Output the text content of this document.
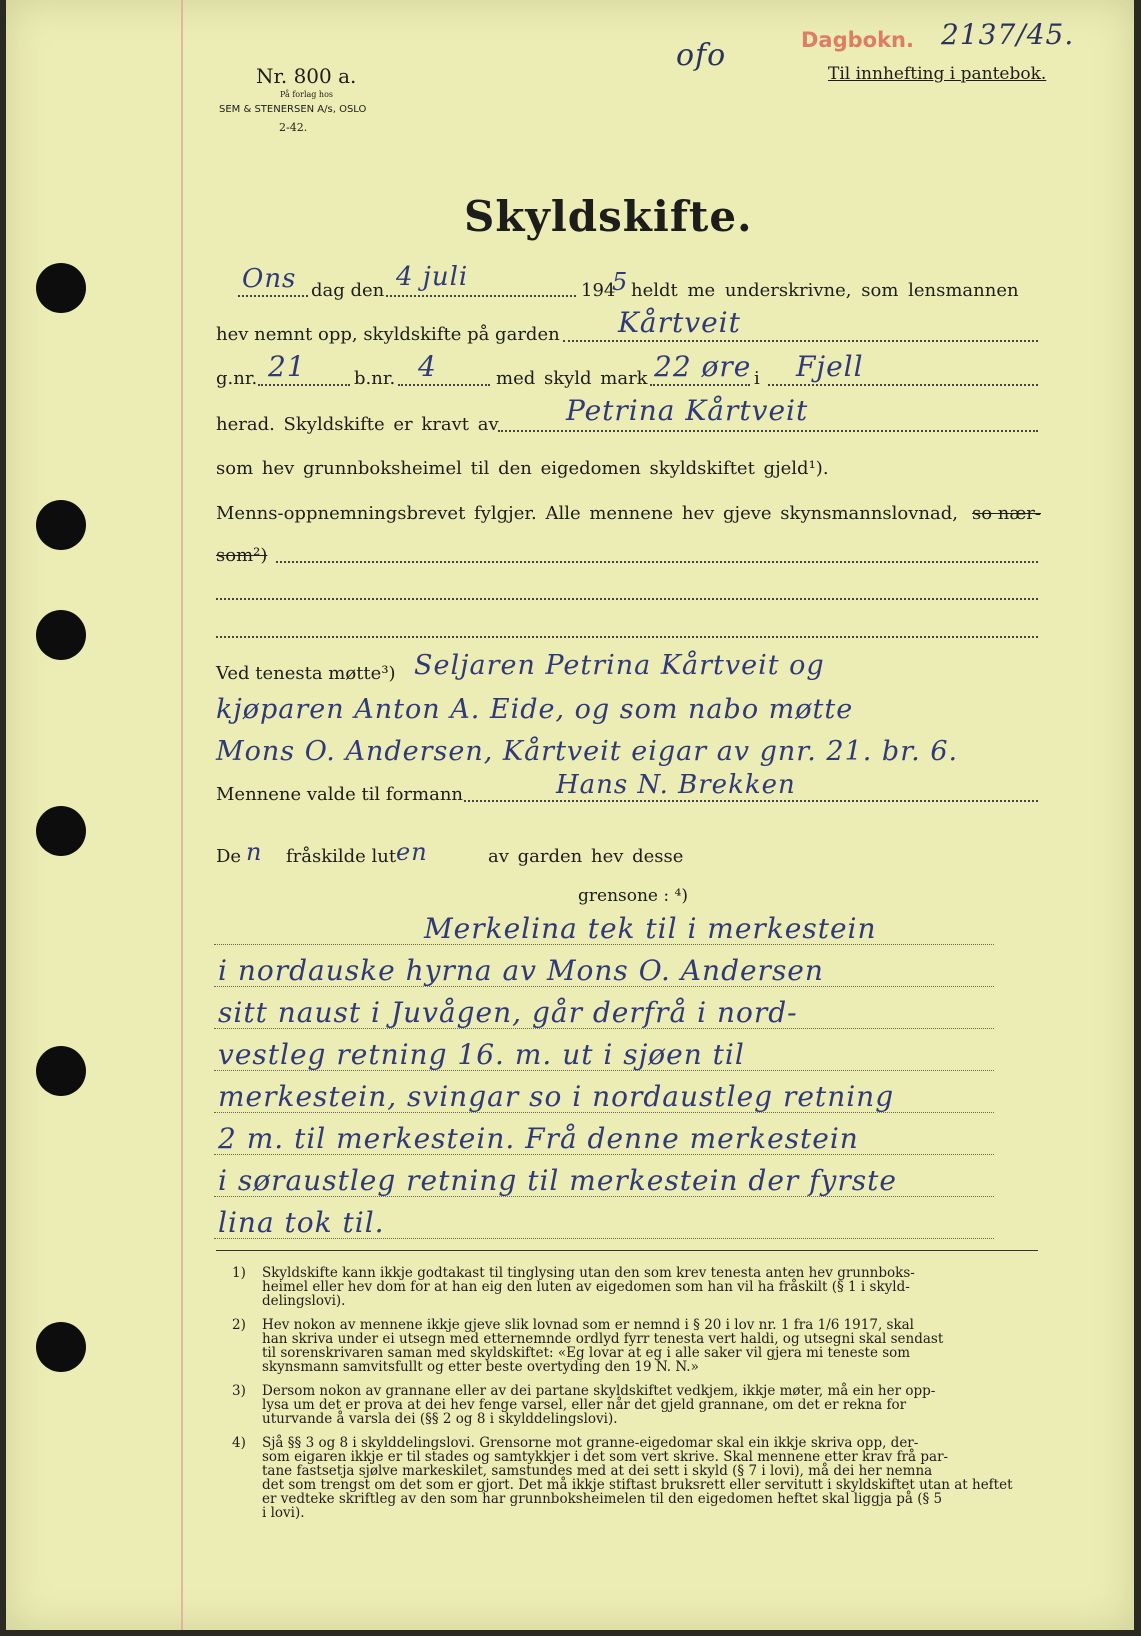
Nr. 800 a.
På forlag hos
SEM & STENERSEN A/s, OSLO
2-42.
ofo	Dagbokn. 2137/45.
Til innhefting i pantebok.
Skyldskifte.
Ons dag den 4 juli	194
5 heldt me underskrivne, som lensmannen
hev nemnt opp, skyldskifte på garden Kårtveit
g.nr. 21	b.nr. 4	med skyld mark 22 øre i Fjell
herad. Skyldskifte er kravt av Petrina Kårtveit
som hev grunnboksheimel til den eigedomen skyldskiftet gjeld¹).
Menns-oppnemningsbrevet fylgjer. Alle mennene hev gjeve skynsmannslovnad, so nær-
som²)
Ved tenesta møtte³) Seljaren Petrina Kårtveit og
kjøparen Anton A. Eide, og som nabo møtte
Mons O. Andersen, Kårtveit eigar av gnr. 21. br. 6.
Mennene valde til formann	Hans N. Brekken
De n fråskilde lut en	av garden hev desse
grensone : ⁴)
Merkelina tek til i merkestein
i nordauske hyrna av Mons O. Andersen
sitt naust i Juvågen, går derfrå i nord-
vestleg retning 16. m. ut i sjøen til
merkestein, svingar so i nordaustleg retning
2 m. til merkestein. Frå denne merkestein
i søraustleg retning til merkestein der fyrste
lina tok til.
1) Skyldskifte kann ikkje godtakast til tinglysing utan den som krev tenesta anten hev grunnboks-
heimel eller hev dom for at han eig den luten av eigedomen som han vil ha fråskilt (§ 1 i skyld-
delingslovi).
2) Hev nokon av mennene ikkje gjeve slik lovnad som er nemnd i § 20 i lov nr. 1 fra 1/6 1917, skal
han skriva under ei utsegn med etternemnde ordlyd fyrr tenesta vert haldi, og utsegni skal sendast
til sorenskrivaren saman med skyldskiftet: «Eg lovar at eg i alle saker vil gjera mi teneste som
skynsmann samvitsfullt og etter beste overtyding den 19 N. N.»
3) Dersom nokon av grannane eller av dei partane skyldskiftet vedkjem, ikkje møter, må ein her opp-
lysa um det er prova at dei hev fenge varsel, eller når det gjeld grannane, om det er rekna for
uturvande å varsla dei (§§ 2 og 8 i skylddelingslovi).
4) Sjå §§ 3 og 8 i skylddelingslovi. Grensorne mot granne-eigedomar skal ein ikkje skriva opp, der-
som eigaren ikkje er til stades og samtykkjer i det som vert skrive. Skal mennene etter krav frå par-
tane fastsetja sjølve markeskilet, samstundes med at dei sett i skyld (§ 7 i lovi), må dei her nemna
det som trengst om det som er gjort. Det må ikkje stiftast bruksrett eller servitutt i skyldskiftet utan at heftet
er vedteke skriftleg av den som har grunnboksheimelen til den eigedomen heftet skal liggja på (§ 5
i lovi).
